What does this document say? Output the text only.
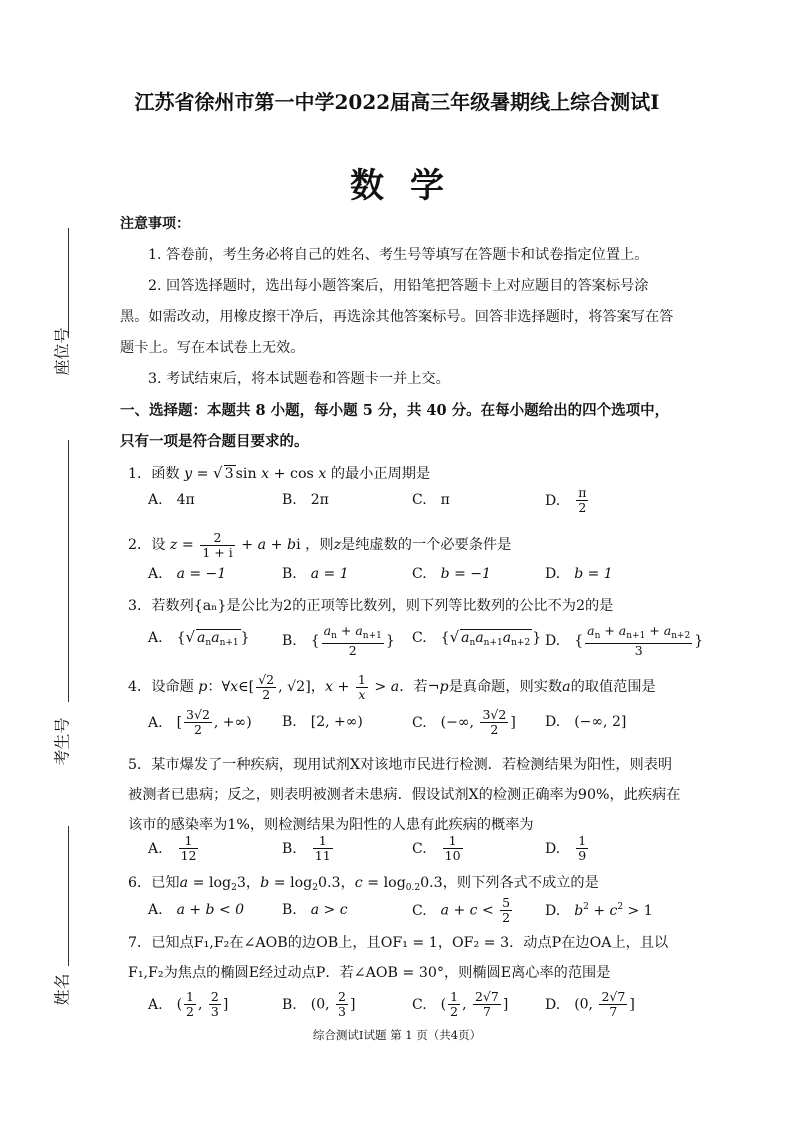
江苏省徐州市第一中学2022届高三年级暑期线上综合测试I
数学
座位号
考生号
姓名
注意事项：
1. 答卷前，考生务必将自己的姓名、考生号等填写在答题卡和试卷指定位置上。
2. 回答选择题时，选出每小题答案后，用铅笔把答题卡上对应题目的答案标号涂黑。如需改动，用橡皮擦干净后，再选涂其他答案标号。回答非选择题时，将答案写在答题卡上。写在本试卷上无效。
3. 考试结束后，将本试题卷和答题卡一并上交。
一、选择题：本题共 8 小题，每小题 5 分，共 40 分。在每小题给出的四个选项中，只有一项是符合题目要求的。
1．函数 y = √ 3 sin x + cos x 的最小正周期是
A. 4π	B. 2π	C. π	D. $\frac{\pi}{2}$
2．设 $z = \frac{2}{1 + i} + a$ + bi ，则z是纯虚数的一个必要条件是
A. a = −1	B. a = 1	C. b = −1	D. b = 1
3．若数列{aₙ}是公比为2的正项等比数列，则下列等比数列的公比不为2的是
A. {√ $a_na_{n+1}$ } B. { $\frac{a_n + a_{n+1}}{2}$ } C. {√ $a_na_{n+1}a_{n+2}$ } D. { $\frac{a_n + a_{n+1} + a_{n+2}}{3}$ }
4．设命题 p：∀x∈[ $\frac{√2}{2}$ , √2]，$x + \frac{1}{x} > a$．若¬p是真命题，则实数a的取值范围是
A. [ $\frac{3√2}{2}$ , +∞) B. [2, +∞)	C. (−∞, $\frac{3√2}{2}$ ] D. (−∞, 2]
5．某市爆发了一种疾病，现用试剂X对该地市民进行检测．若检测结果为阳性，则表明被测者已患病；反之，则表明被测者未患病．假设试剂X的检测正确率为90%，此疾病在该市的感染率为1%，则检测结果为阳性的人患有此疾病的概率为
A. $\frac{1}{12}$	B. $\frac{1}{11}$	C. $\frac{1}{10}$	D. $\frac{1}{9}$
6．已知$a = \log_23$，$b = \log_20.3$，$c = \log_{0.2}0.3$，则下列各式不成立的是
A. a + b < 0	B. a > c	C. $a + c < \frac{5}{2} D$. $b^2 + c^2 > 1$
7．已知点F₁,F₂在∠AOB的边OB上，且OF₁ = 1，OF₂ = 3．动点P在边OA上，且以F₁,F₂为焦点的椭圆E经过动点P．若∠AOB = 30°，则椭圆E离心率的范围是
A. ( $\frac{1}{2}$ , $\frac{2}{3}$ ]	B. (0, $\frac{2}{3}$ ]	C. ( $\frac{1}{2}$ , $\frac{2√7}{7}$ ]	D. (0, $\frac{2√7}{7}$ ]
综合测试I试题 第 1 页（共4页）
